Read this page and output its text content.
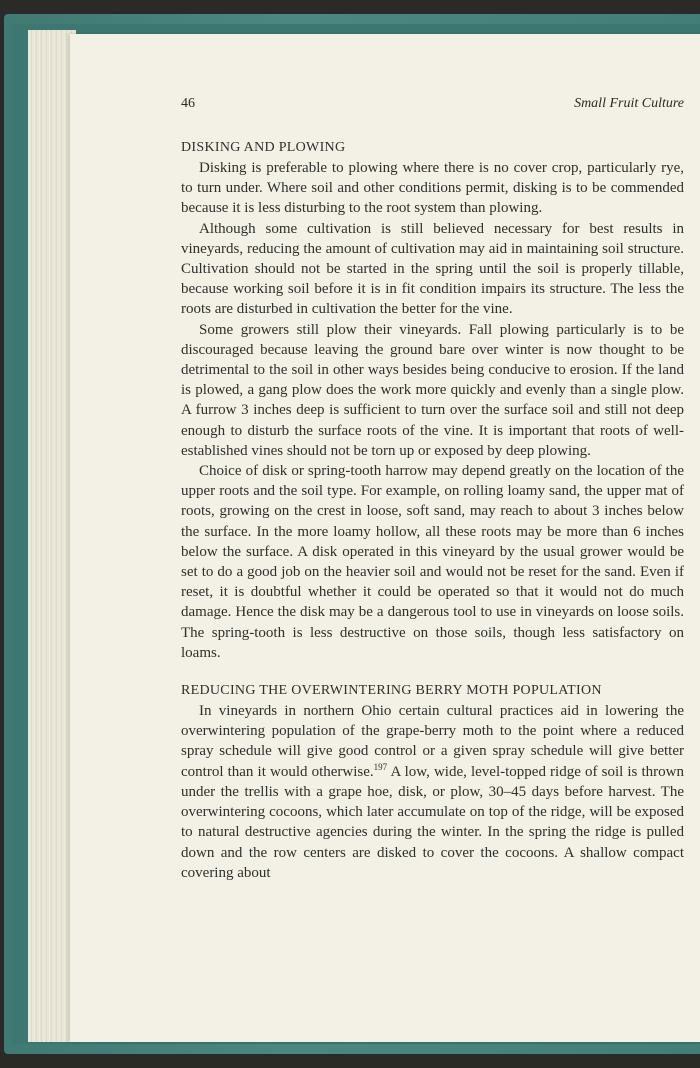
46	Small Fruit Culture
DISKING AND PLOWING

Disking is preferable to plowing where there is no cover crop, particularly rye, to turn under. Where soil and other conditions permit, disking is to be commended because it is less disturbing to the root system than plowing.

Although some cultivation is still believed necessary for best results in vineyards, reducing the amount of cultivation may aid in maintaining soil structure. Cultivation should not be started in the spring until the soil is properly tillable, because working soil before it is in fit condition impairs its structure. The less the roots are disturbed in cultivation the better for the vine.

Some growers still plow their vineyards. Fall plowing particularly is to be discouraged because leaving the ground bare over winter is now thought to be detrimental to the soil in other ways besides being conducive to erosion. If the land is plowed, a gang plow does the work more quickly and evenly than a single plow. A furrow 3 inches deep is sufficient to turn over the surface soil and still not deep enough to disturb the surface roots of the vine. It is important that roots of well-established vines should not be torn up or exposed by deep plowing.

Choice of disk or spring-tooth harrow may depend greatly on the location of the upper roots and the soil type. For example, on rolling loamy sand, the upper mat of roots, growing on the crest in loose, soft sand, may reach to about 3 inches below the surface. In the more loamy hollow, all these roots may be more than 6 inches below the surface. A disk operated in this vineyard by the usual grower would be set to do a good job on the heavier soil and would not be reset for the sand. Even if reset, it is doubtful whether it could be operated so that it would not do much damage. Hence the disk may be a dangerous tool to use in vineyards on loose soils. The spring-tooth is less destructive on those soils, though less satisfactory on loams.

REDUCING THE OVERWINTERING BERRY MOTH POPULATION

In vineyards in northern Ohio certain cultural practices aid in lowering the overwintering population of the grape-berry moth to the point where a reduced spray schedule will give good control or a given spray schedule will give better control than it would otherwise.$^{197}$ A low, wide, level-topped ridge of soil is thrown under the trellis with a grape hoe, disk, or plow, 30–45 days before harvest. The overwintering cocoons, which later accumulate on top of the ridge, will be exposed to natural destructive agencies during the winter. In the spring the ridge is pulled down and the row centers are disked to cover the cocoons. A shallow compact covering about
